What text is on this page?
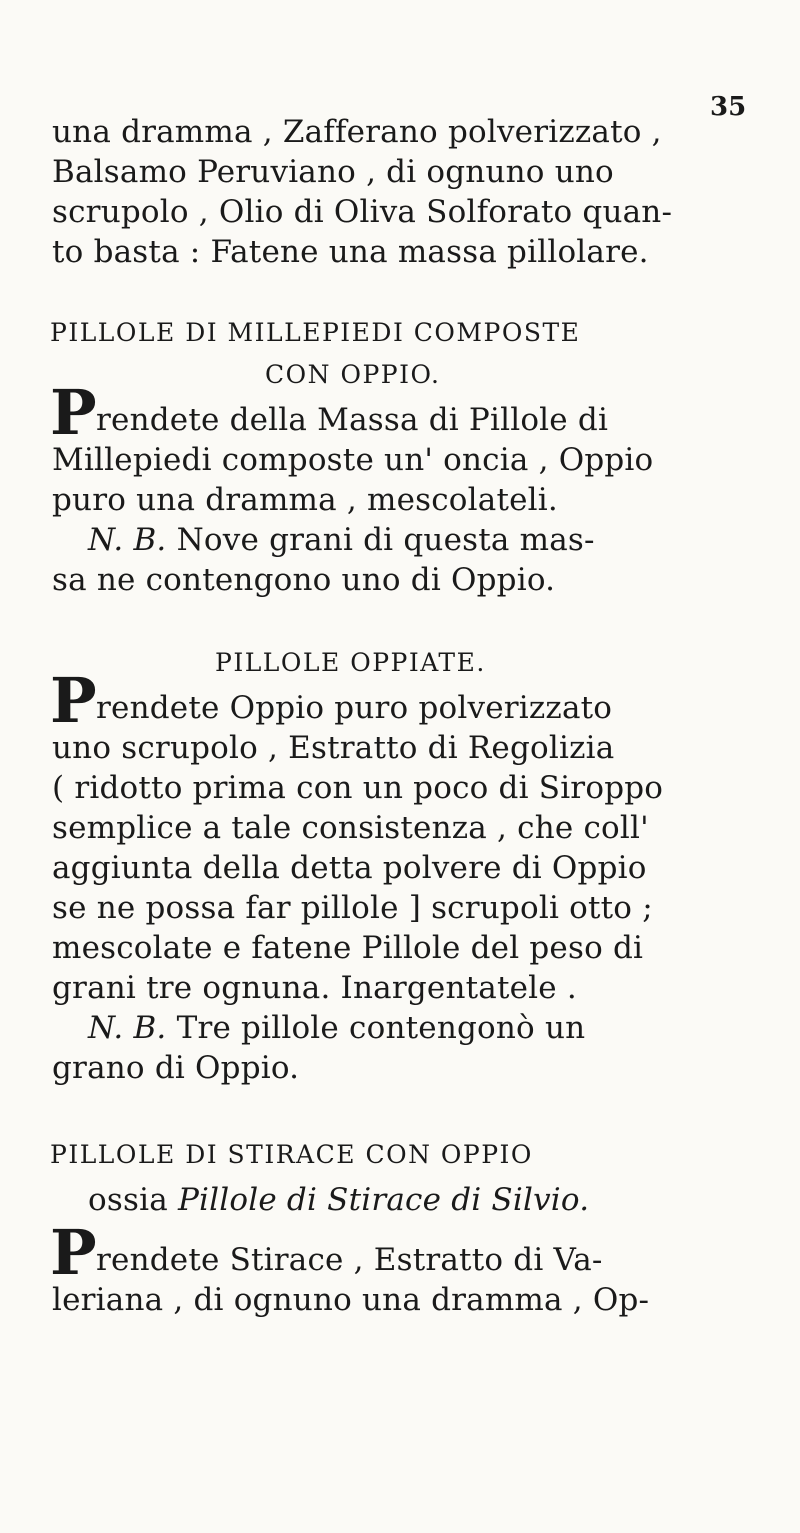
35
una dramma , Zafferano polverizzato ,
Balsamo Peruviano , di ognuno uno
scrupolo , Olio di Oliva Solforato quan-
to basta : Fatene una massa pillolare.
PILLOLE DI MILLEPIEDI COMPOSTE
CON OPPIO.
P rendete della Massa di Pillole di
Millepiedi composte un' oncia , Oppio
puro una dramma , mescolateli.
N. B. Nove grani di questa mas-
sa ne contengono uno di Oppio.
PILLOLE OPPIATE.
P rendete Oppio puro polverizzato
uno scrupolo , Estratto di Regolizia
( ridotto prima con un poco di Siroppo
semplice a tale consistenza , che coll'
aggiunta della detta polvere di Oppio
se ne possa far pillole ] scrupoli otto ;
mescolate e fatene Pillole del peso di
grani tre ognuna. Inargentatele .
N. B. Tre pillole contengonò un
grano di Oppio.
PILLOLE DI STIRACE CON OPPIO
ossia Pillole di Stirace di Silvio.
P rendete Stirace , Estratto di Va-
leriana , di ognuno una dramma , Op-
